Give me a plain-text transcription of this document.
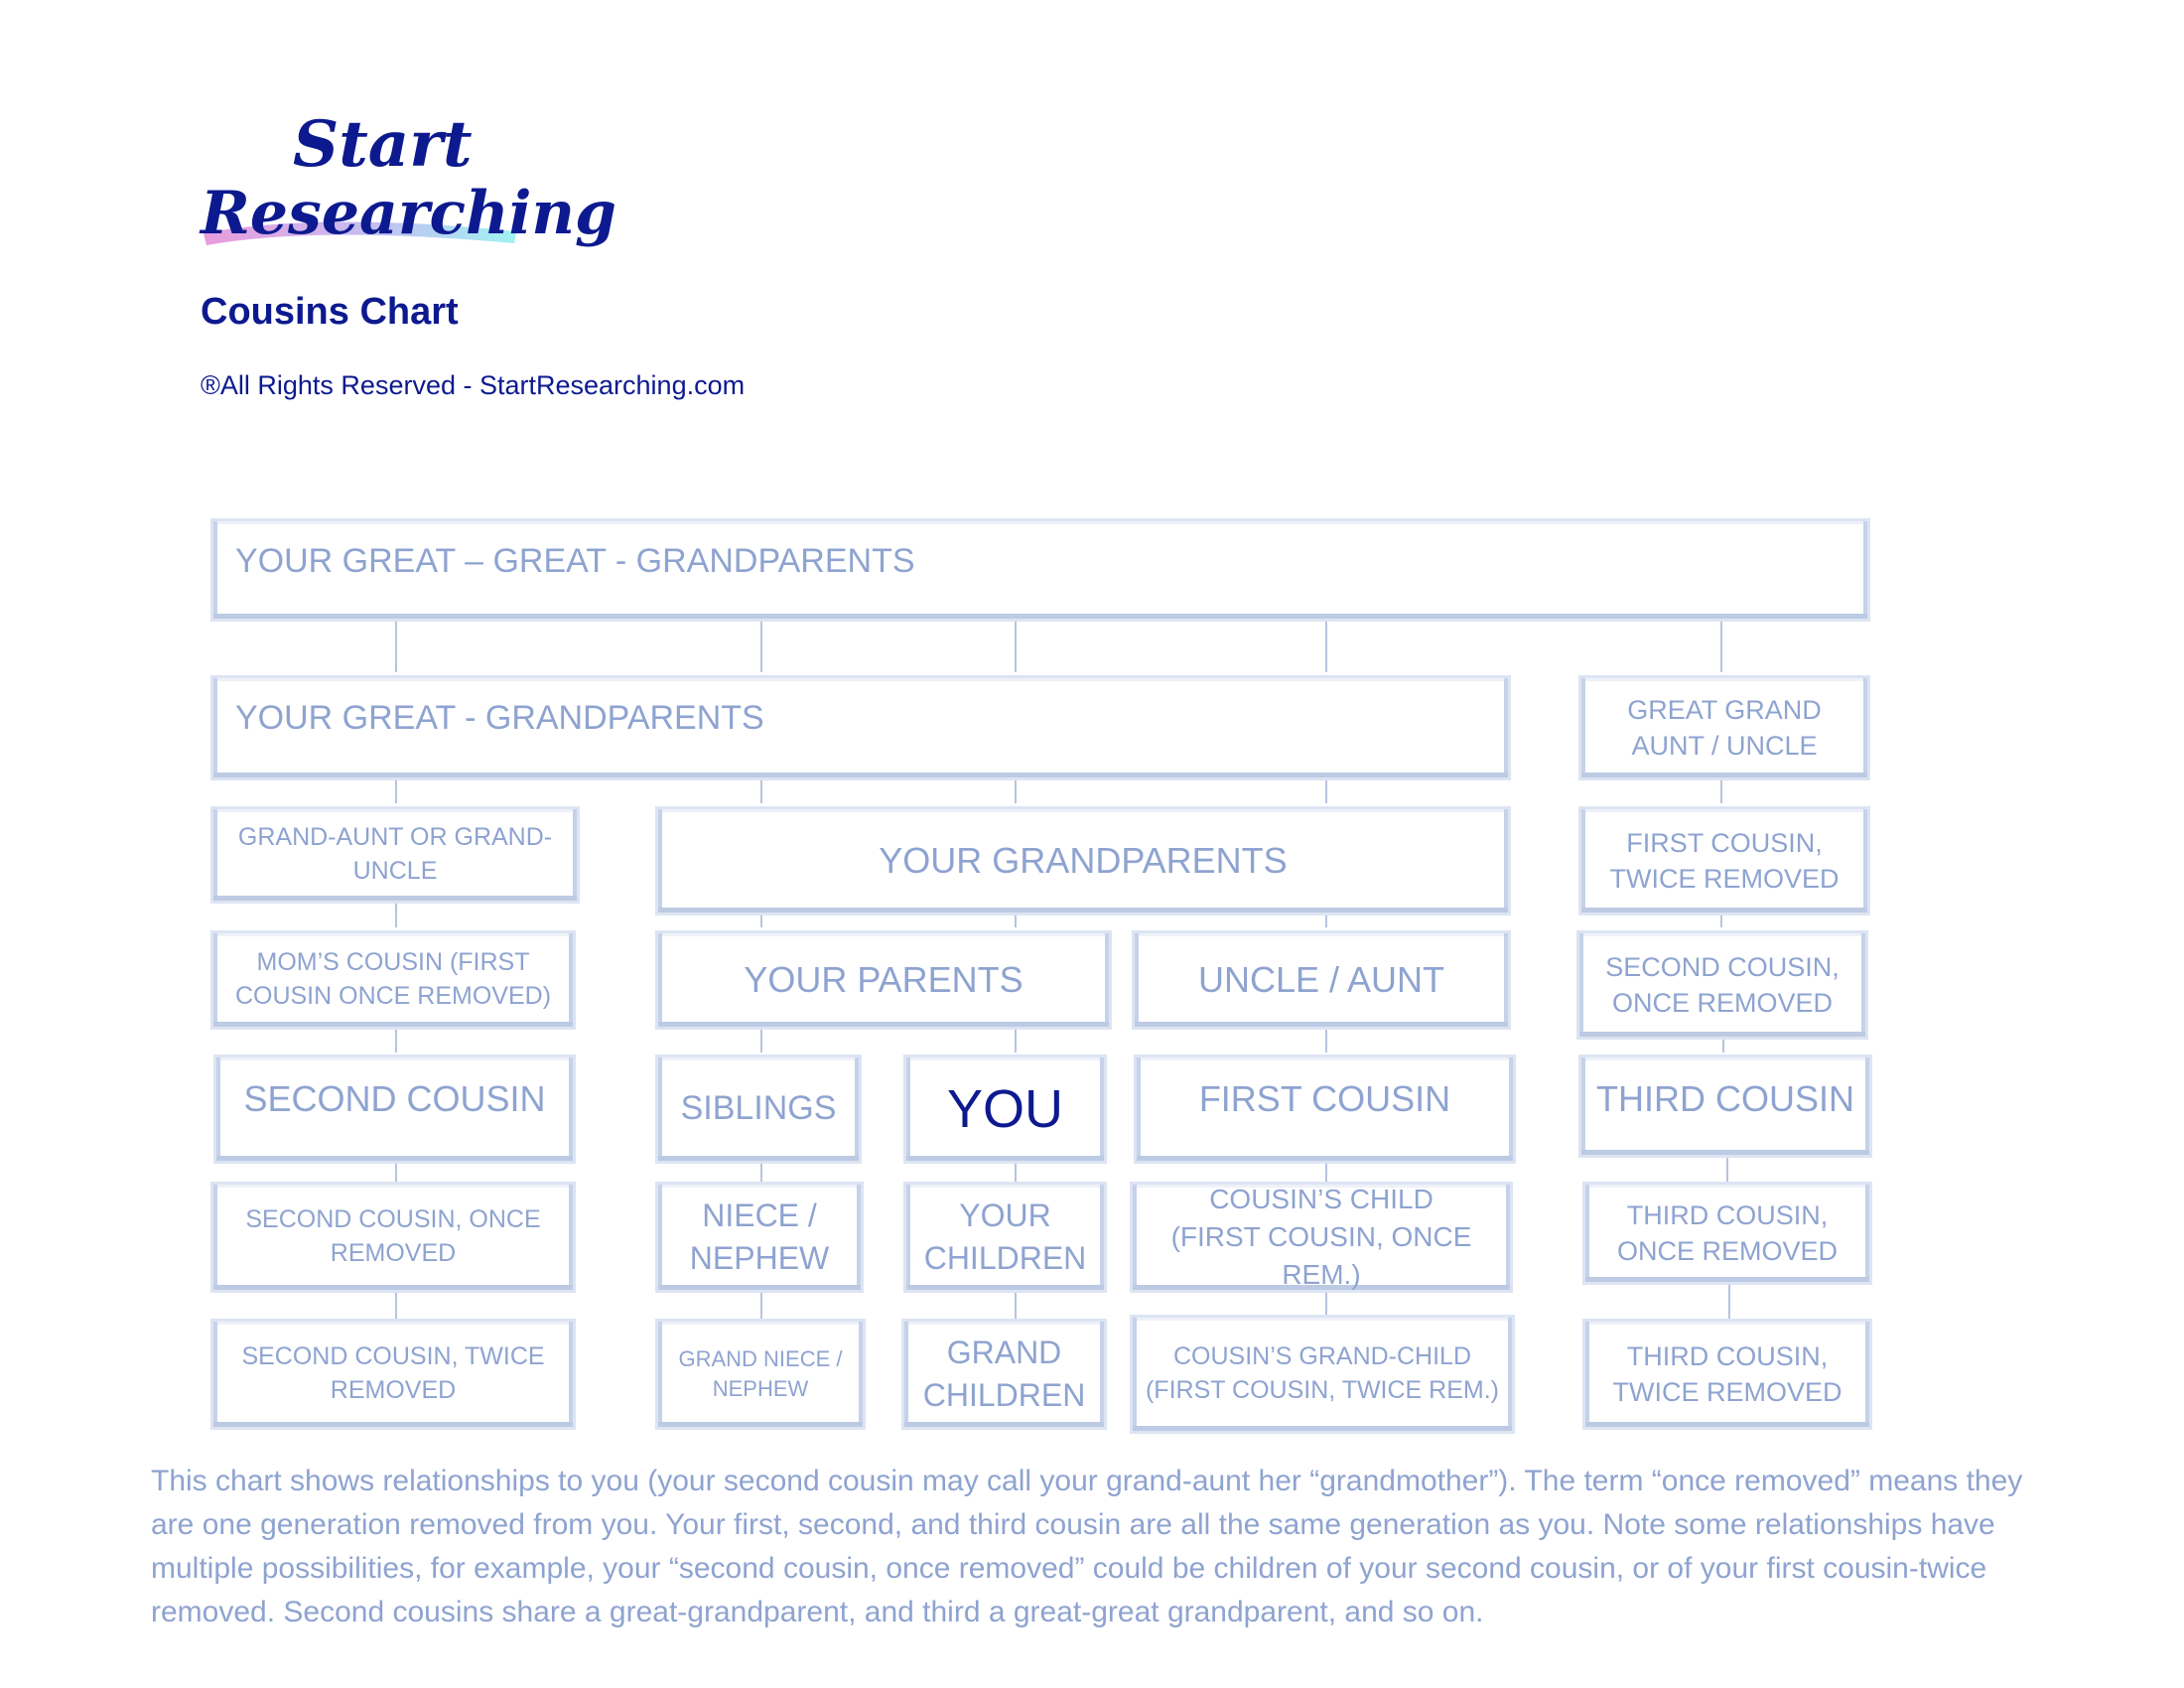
Start
Researching
Cousins Chart
®All Rights Reserved - StartResearching.com
YOUR GREAT – GREAT - GRANDPARENTS
YOUR GREAT - GRANDPARENTS	GREAT GRAND AUNT / UNCLE
GRAND-AUNT OR GRAND-UNCLE	YOUR GRANDPARENTS	FIRST COUSIN, TWICE REMOVED
MOM’S COUSIN (FIRST COUSIN ONCE REMOVED)	YOUR PARENTS	UNCLE / AUNT	SECOND COUSIN, ONCE REMOVED
SECOND COUSIN	SIBLINGS YOU	FIRST COUSIN	THIRD COUSIN
SECOND COUSIN, ONCE REMOVED
NIECE / NEPHEW
YOUR CHILDREN
COUSIN’S CHILD (FIRST COUSIN, ONCE REM.)
THIRD COUSIN, ONCE REMOVED
SECOND COUSIN, TWICE REMOVED
GRAND NIECE / NEPHEW
GRAND CHILDREN
COUSIN’S GRAND-CHILD (FIRST COUSIN, TWICE REM.)
THIRD COUSIN, TWICE REMOVED
This chart shows relationships to you (your second cousin may call your grand-aunt her “grandmother”). The term “once removed” means they are one generation removed from you. Your first, second, and third cousin are all the same generation as you. Note some relationships have multiple possibilities, for example, your “second cousin, once removed” could be children of your second cousin, or of your first cousin-twice removed. Second cousins share a great-grandparent, and third a great-great grandparent, and so on.
